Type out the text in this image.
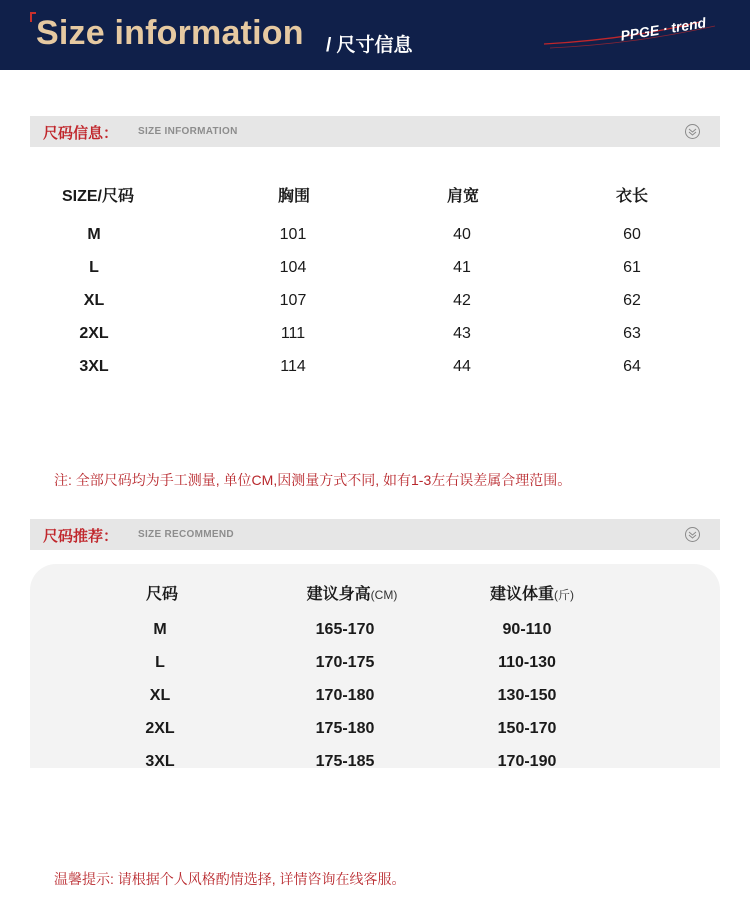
Size information / 尺寸信息
PPGE · trend
尺码信息： SIZE INFORMATION
SIZE/尺码	胸围	肩宽	衣长
M	101	40	60
L	104	41	61
XL	107	42	62
2XL	111	43	63
3XL	114	44	64
注: 全部尺码均为手工测量, 单位CM,因测量方式不同, 如有1-3左右误差属合理范围。
尺码推荐： SIZE RECOMMEND
尺码	建议身高(CM)	建议体重(斤)
M	165-170	90-110
L	170-175	110-130
XL	170-180	130-150
2XL	175-180	150-170
3XL	175-185	170-190
温馨提示: 请根据个人风格酌情选择, 详情咨询在线客服。
